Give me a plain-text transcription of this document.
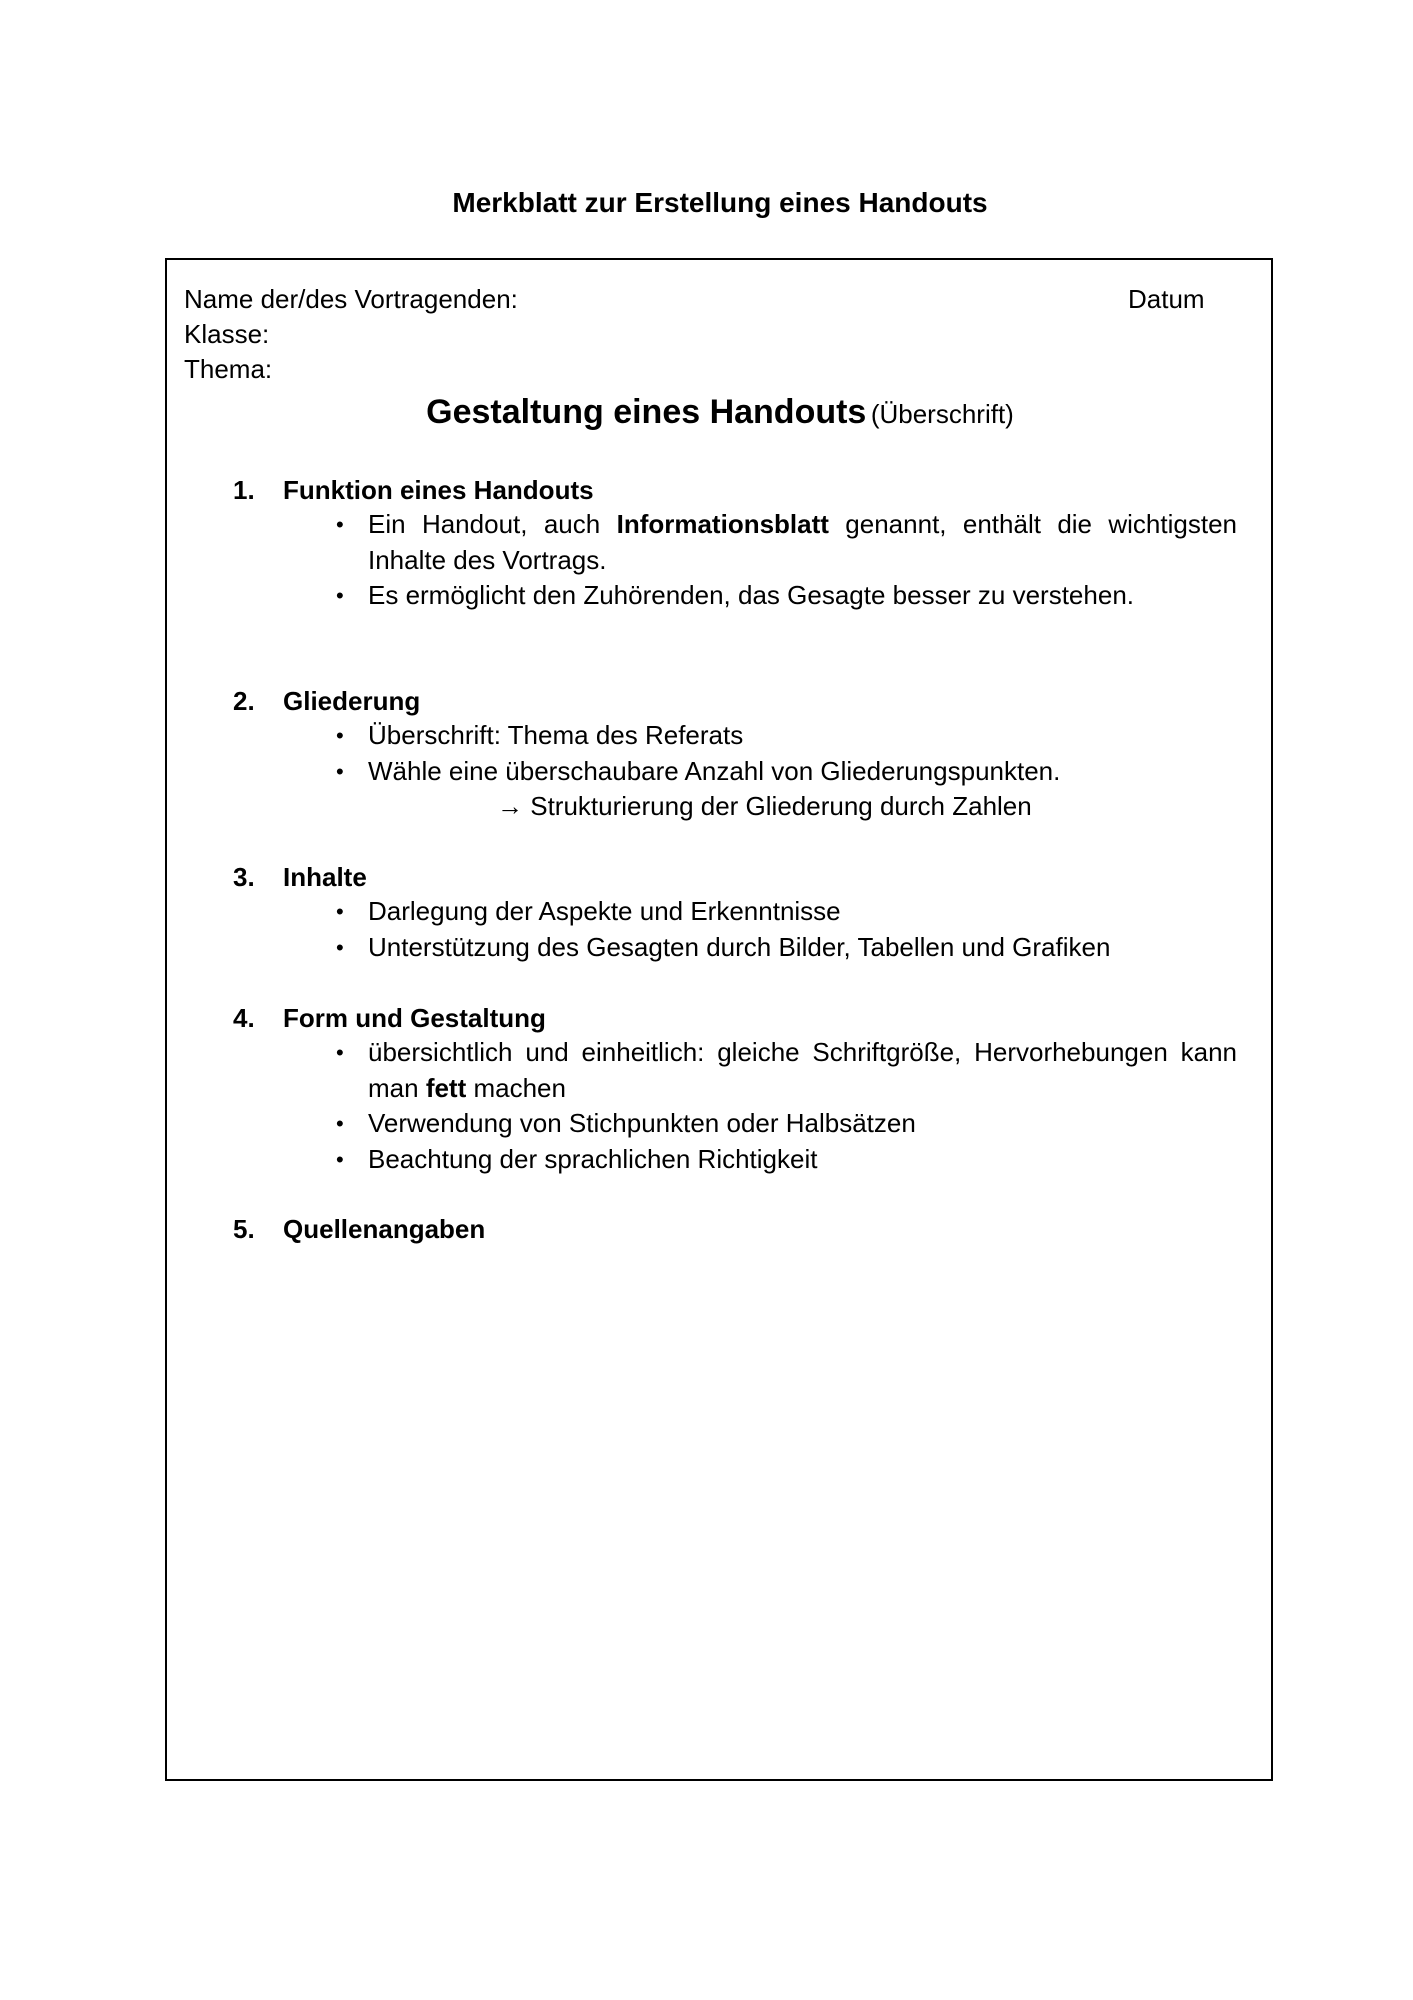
Merkblatt zur Erstellung eines Handouts
Name der/des Vortragenden:
Klasse:
Thema:
Datum
Gestaltung eines Handouts (Überschrift)
1.	Funktion eines Handouts
• Ein Handout, auch Informationsblatt genannt, enthält die wichtigsten Inhalte des Vortrags.
• Es ermöglicht den Zuhörenden, das Gesagte besser zu verstehen.
2.	Gliederung
• Überschrift: Thema des Referats
• Wähle eine überschaubare Anzahl von Gliederungspunkten.
→ Strukturierung der Gliederung durch Zahlen
3.	Inhalte
• Darlegung der Aspekte und Erkenntnisse
• Unterstützung des Gesagten durch Bilder, Tabellen und Grafiken
4.	Form und Gestaltung
• übersichtlich und einheitlich: gleiche Schriftgröße, Hervorhebungen kann man fett machen
• Verwendung von Stichpunkten oder Halbsätzen
• Beachtung der sprachlichen Richtigkeit
5.	Quellenangaben
